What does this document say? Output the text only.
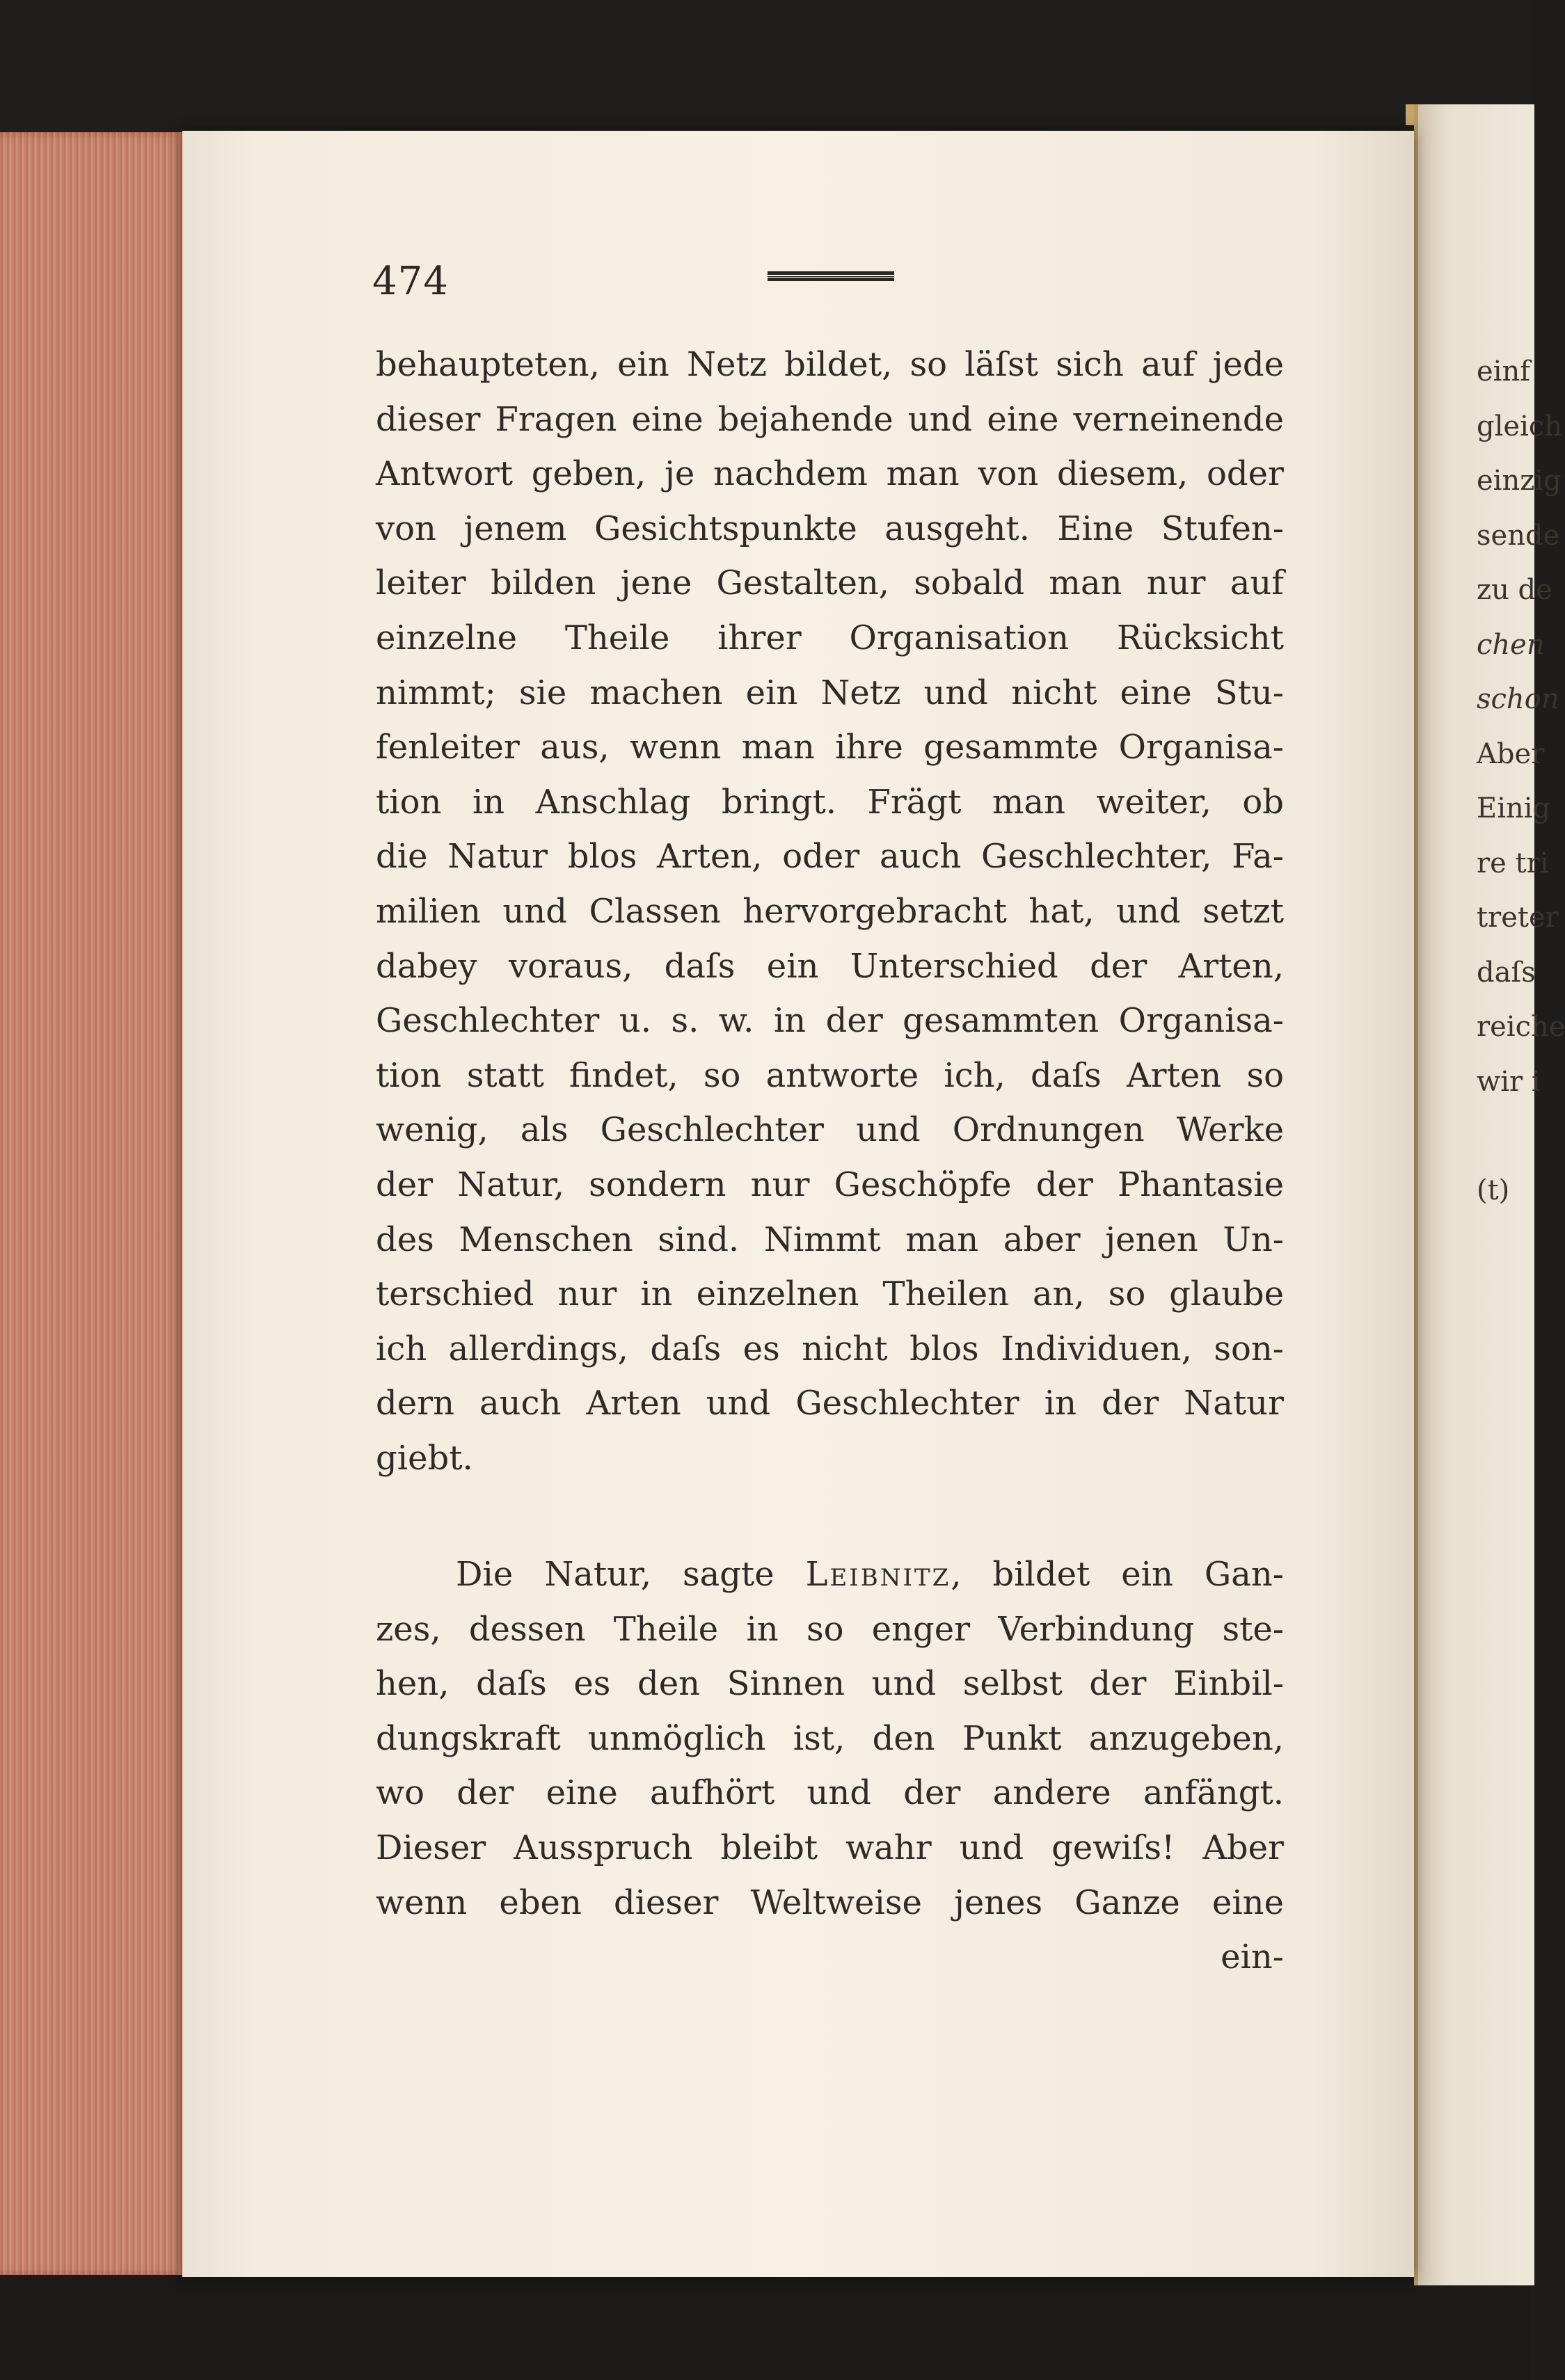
einf
gleich
einzig
sende
zu de
chen
schon
Aber
Einig
re tri
treter
daſs
reiche
wir i
(t)
474
behaupteten, ein Netz bildet, so läſst sich auf jede
dieser Fragen eine bejahende und eine verneinende
Antwort geben, je nachdem man von diesem, oder
von jenem Gesichtspunkte ausgeht. Eine Stufen-
leiter bilden jene Gestalten, sobald man nur auf
einzelne Theile ihrer Organisation Rücksicht
nimmt; sie machen ein Netz und nicht eine Stu-
fenleiter aus, wenn man ihre gesammte Organisa-
tion in Anschlag bringt. Frägt man weiter, ob
die Natur blos Arten, oder auch Geschlechter, Fa-
milien und Classen hervorgebracht hat, und setzt
dabey voraus, daſs ein Unterschied der Arten,
Geschlechter u. s. w. in der gesammten Organisa-
tion statt findet, so antworte ich, daſs Arten so
wenig, als Geschlechter und Ordnungen Werke
der Natur, sondern nur Geschöpfe der Phantasie
des Menschen sind. Nimmt man aber jenen Un-
terschied nur in einzelnen Theilen an, so glaube
ich allerdings, daſs es nicht blos Individuen, son-
dern auch Arten und Geschlechter in der Natur
giebt.
Die Natur, sagte Leibnitz, bildet ein Gan-
zes, dessen Theile in so enger Verbindung ste-
hen, daſs es den Sinnen und selbst der Einbil-
dungskraft unmöglich ist, den Punkt anzugeben,
wo der eine aufhört und der andere anfängt.
Dieser Ausspruch bleibt wahr und gewiſs! Aber
wenn eben dieser Weltweise jenes Ganze eine
ein-
